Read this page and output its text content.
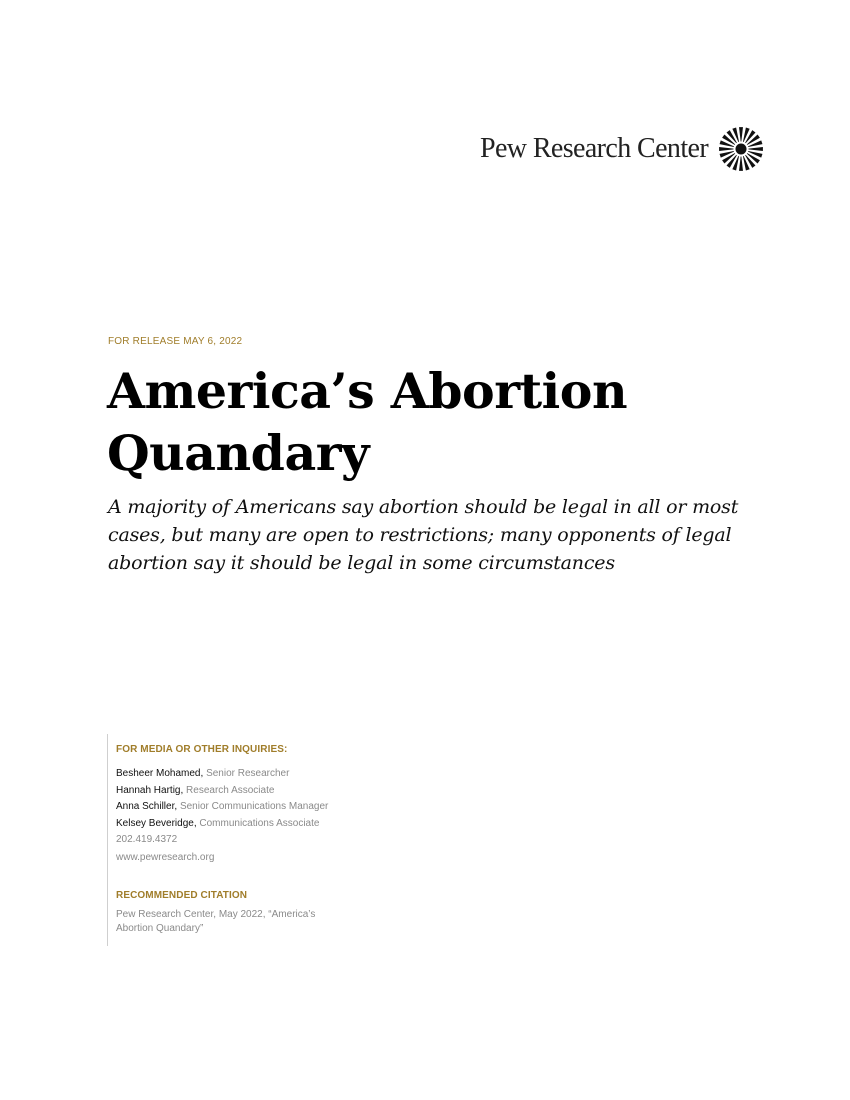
Pew Research Center
FOR RELEASE MAY 6, 2022
America’s Abortion Quandary

A majority of Americans say abortion should be legal in all or most cases, but many are open to restrictions; many opponents of legal abortion say it should be legal in some circumstances

FOR MEDIA OR OTHER INQUIRIES:
Besheer Mohamed, Senior Researcher
Hannah Hartig, Research Associate
Anna Schiller, Senior Communications Manager
Kelsey Beveridge, Communications Associate
202.419.4372
www.pewresearch.org
RECOMMENDED CITATION
Pew Research Center, May 2022, “America’s Abortion Quandary”
